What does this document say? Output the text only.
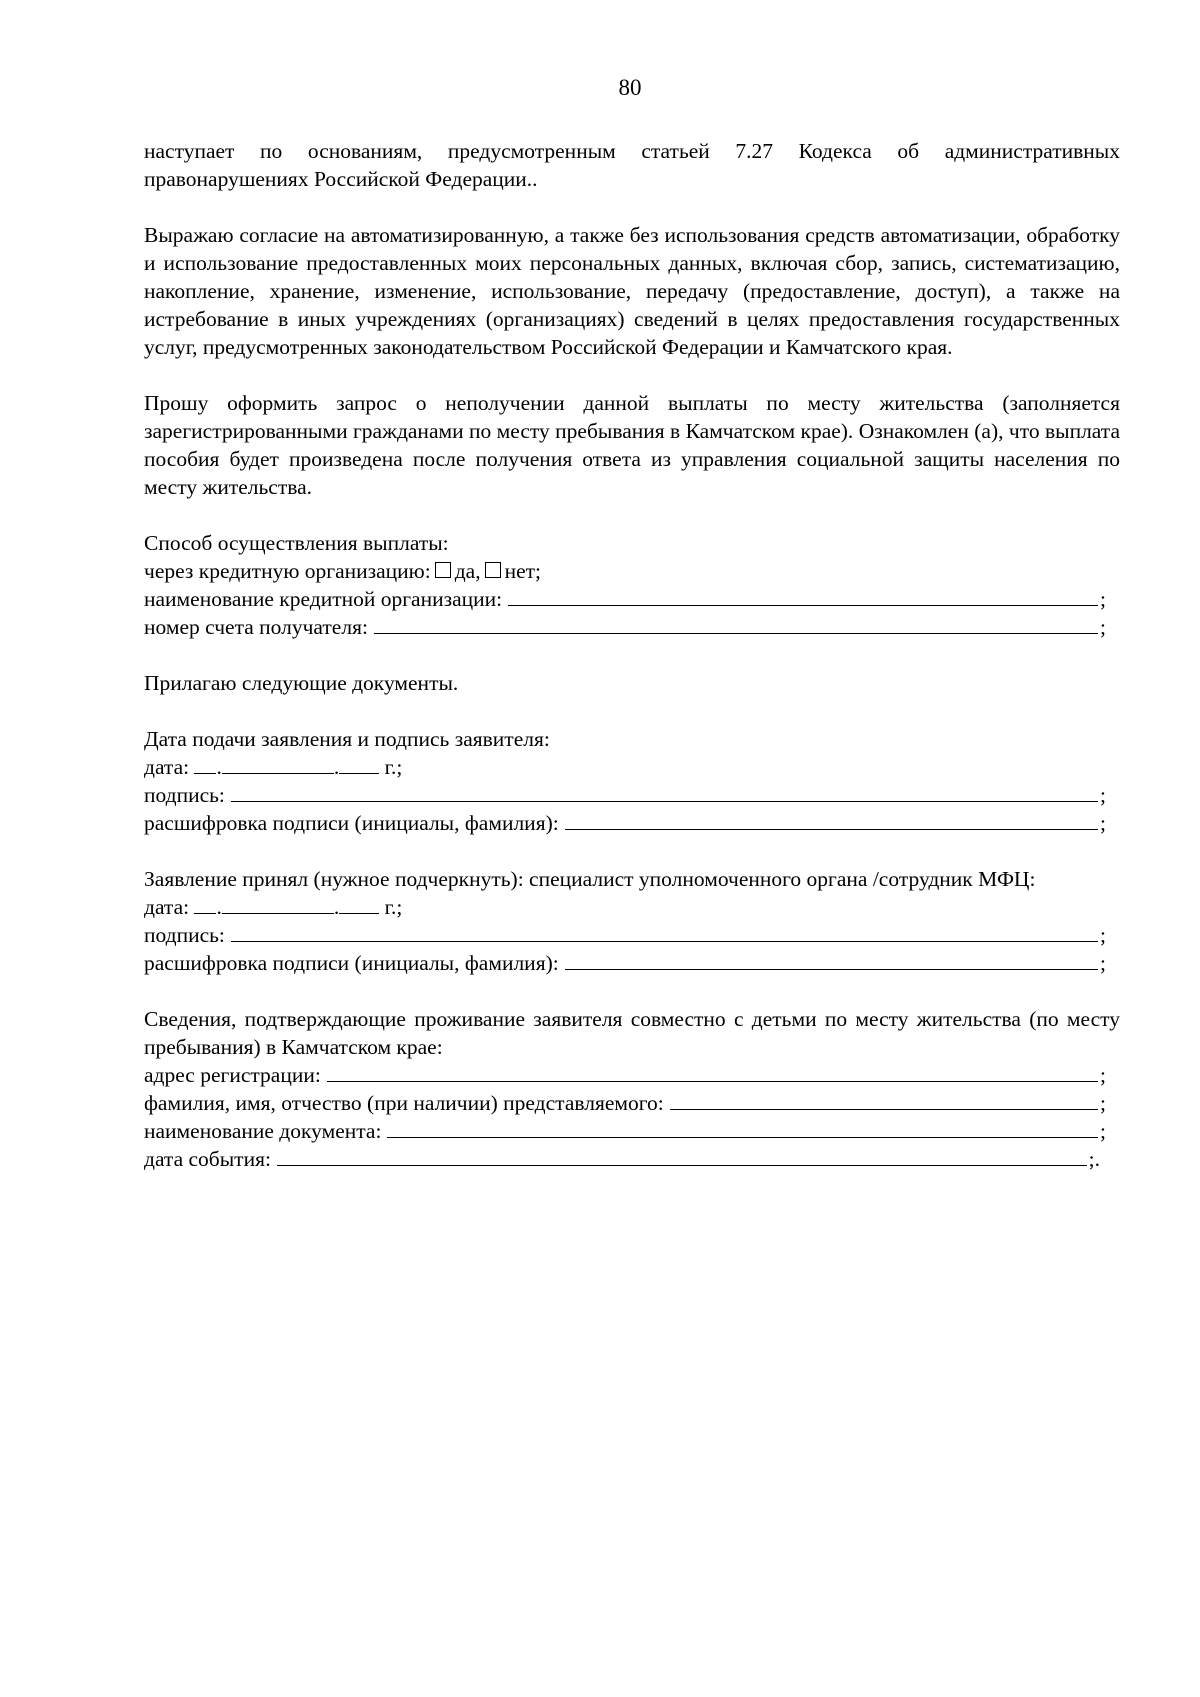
80

наступает по основаниям, предусмотренным статьей 7.27 Кодекса об административных правонарушениях Российской Федерации..

Выражаю согласие на автоматизированную, а также без использования средств автоматизации, обработку и использование предоставленных моих персональных данных, включая сбор, запись, систематизацию, накопление, хранение, изменение, использование, передачу (предоставление, доступ), а также на истребование в иных учреждениях (организациях) сведений в целях предоставления государственных услуг, предусмотренных законодательством Российской Федерации и Камчатского края.

Прошу оформить запрос о неполучении данной выплаты по месту жительства (заполняется зарегистрированными гражданами по месту пребывания в Камчатском крае). Ознакомлен (а), что выплата пособия будет произведена после получения ответа из управления социальной защиты населения по месту жительства.

Способ осуществления выплаты:
через кредитную организацию: да, нет;
наименование кредитной организации:	;
номер счета получателя:	;
Прилагаю следующие документы.
Дата подачи заявления и подпись заявителя:
дата:
.	.
г.;
подпись:	;
расшифровка подписи (инициалы, фамилия):	;

Заявление принял (нужное подчеркнуть): специалист уполномоченного органа /сотрудник МФЦ:

дата:
.	.
г.;
подпись:	;
расшифровка подписи (инициалы, фамилия):	;

Сведения, подтверждающие проживание заявителя совместно с детьми по месту жительства (по месту пребывания) в Камчатском крае:

адрес регистрации:	;
фамилия, имя, отчество (при наличии) представляемого:	;
наименование документа:	;
дата события:	;.
